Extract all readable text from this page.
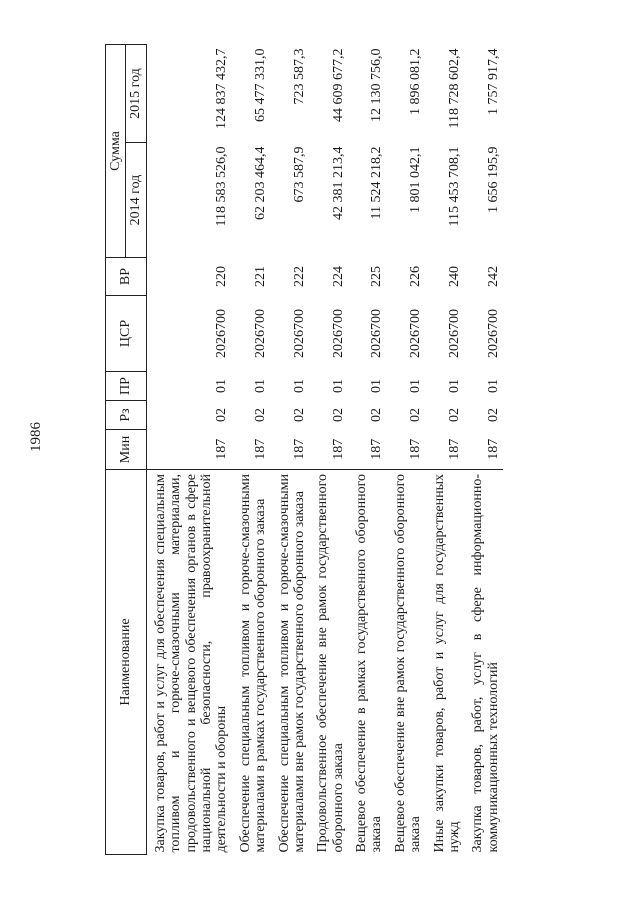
1986
Наименование	Мин	Рз	ПР	ЦСР	ВР	Сумма	
						2014 год	2015 год
Закупка товаров, работ и услуг для обеспечения специальным топливом и горюче-смазочными материалами, продовольственного и вещевого обеспечения органов в сфере национальной безопасности, правоохранительной деятельности и обороны	187	02	01	2026700	220	118 583 526,0	124 837 432,7
Обеспечение специальным топливом и горюче-смазочными материалами в рамках государственного оборонного заказа	187	02	01	2026700	221	62 203 464,4	65 477 331,0
Обеспечение специальным топливом и горюче-смазочными материалами вне рамок государственного оборонного заказа	187	02	01	2026700	222	673 587,9	723 587,3
Продовольственное обеспечение вне рамок государственного оборонного заказа	187	02	01	2026700	224	42 381 213,4	44 609 677,2
Вещевое обеспечение в рамках государственного оборонного заказа	187	02	01	2026700	225	11 524 218,2	12 130 756,0
Вещевое обеспечение вне рамок государственного оборонного заказа	187	02	01	2026700	226	1 801 042,1	1 896 081,2
Иные закупки товаров, работ и услуг для государственных нужд	187	02	01	2026700	240	115 453 708,1	118 728 602,4
Закупка товаров, работ, услуг в сфере информационно-коммуникационных технологий	187	02	01	2026700	242	1 656 195,9	1 757 917,4
